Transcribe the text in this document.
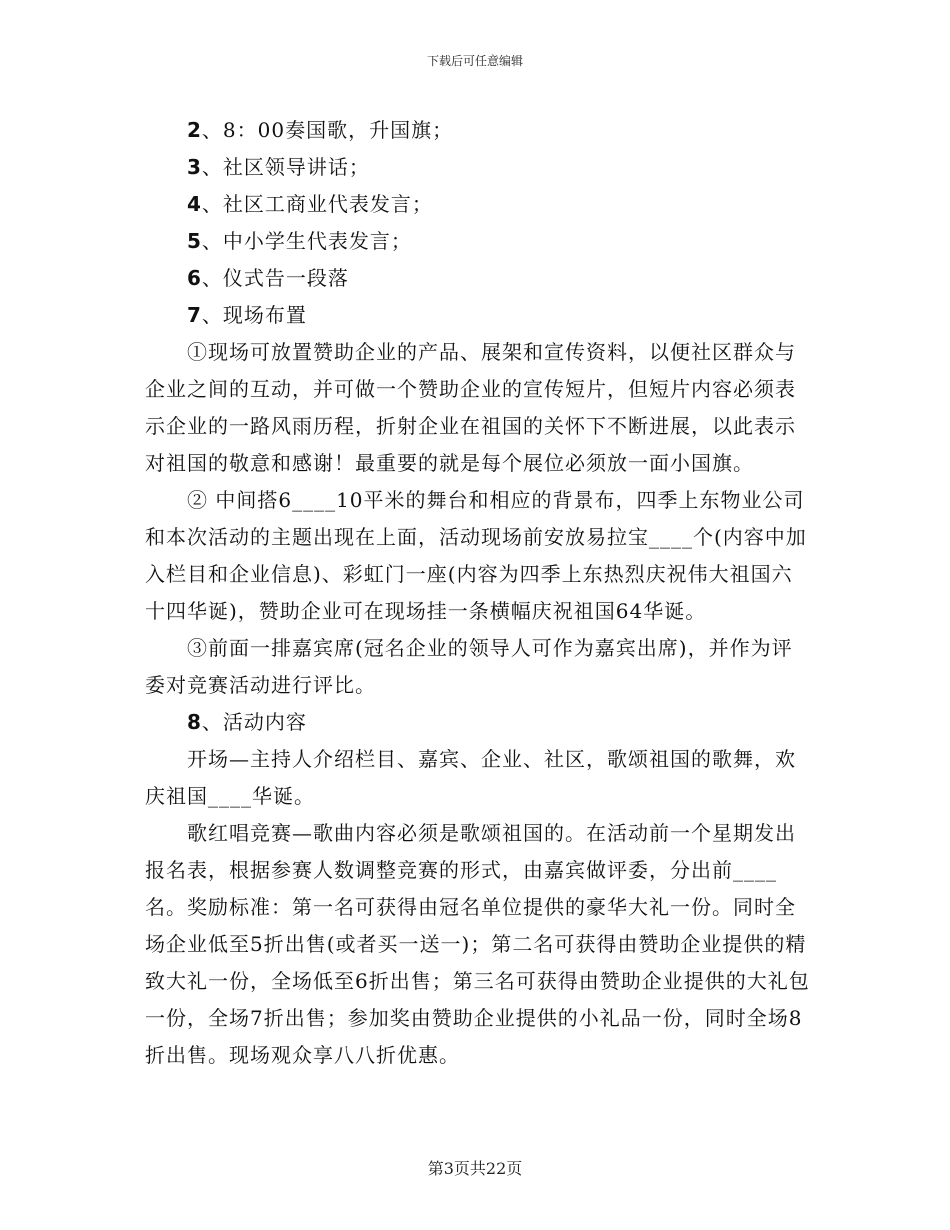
下载后可任意编辑

2、8：00奏国歌，升国旗；

3、社区领导讲话；

4、社区工商业代表发言；

5、中小学生代表发言；

6、仪式告一段落

7、现场布置

①现场可放置赞助企业的产品、展架和宣传资料，以便社区群众与企业之间的互动，并可做一个赞助企业的宣传短片，但短片内容必须表示企业的一路风雨历程，折射企业在祖国的关怀下不断进展，以此表示对祖国的敬意和感谢！最重要的就是每个展位必须放一面小国旗。

② 中间搭6____10平米的舞台和相应的背景布，四季上东物业公司和本次活动的主题出现在上面，活动现场前安放易拉宝____个(内容中加入栏目和企业信息)、彩虹门一座(内容为四季上东热烈庆祝伟大祖国六十四华诞)，赞助企业可在现场挂一条横幅庆祝祖国64华诞。

③前面一排嘉宾席(冠名企业的领导人可作为嘉宾出席)，并作为评委对竞赛活动进行评比。

8、活动内容

开场—主持人介绍栏目、嘉宾、企业、社区，歌颂祖国的歌舞，欢庆祖国____华诞。

歌红唱竞赛—歌曲内容必须是歌颂祖国的。在活动前一个星期发出报名表，根据参赛人数调整竞赛的形式，由嘉宾做评委，分出前____名。奖励标准：第一名可获得由冠名单位提供的豪华大礼一份。同时全场企业低至5折出售(或者买一送一)；第二名可获得由赞助企业提供的精致大礼一份，全场低至6折出售；第三名可获得由赞助企业提供的大礼包一份，全场7折出售；参加奖由赞助企业提供的小礼品一份，同时全场8折出售。现场观众享八八折优惠。

第3页共22页
